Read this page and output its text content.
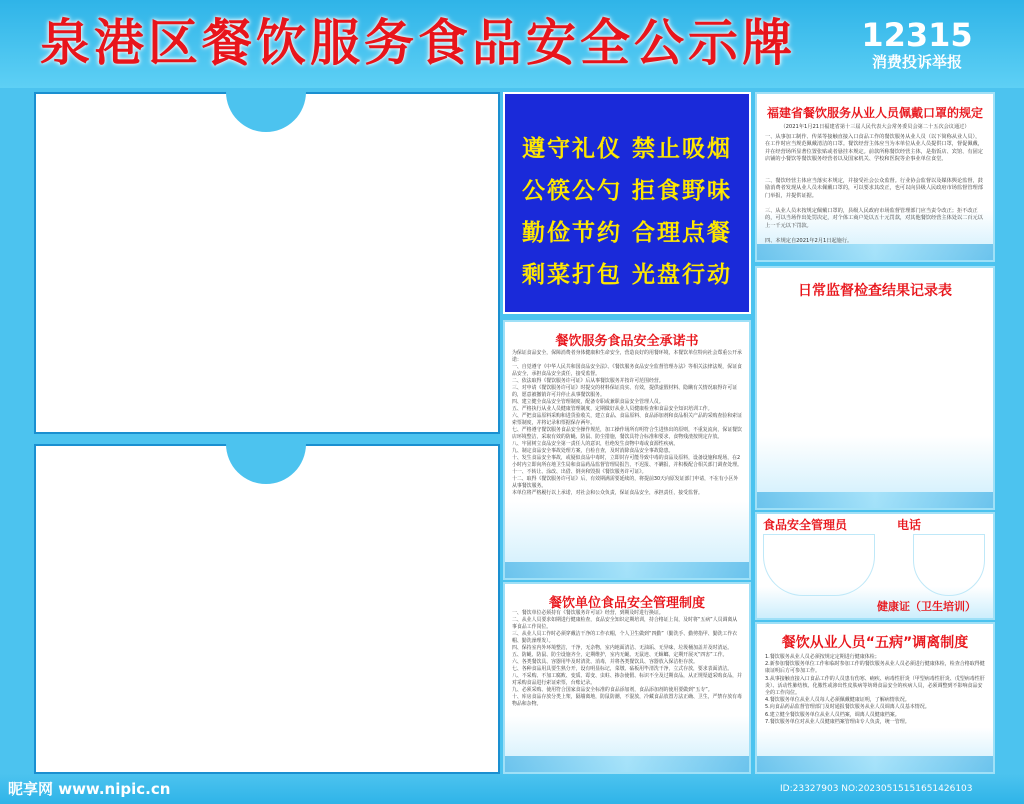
泉港区餐饮服务食品安全公示牌	12315
消费投诉举报
遵守礼仪 禁止吸烟
公筷公勺 拒食野味
勤俭节约 合理点餐
剩菜打包 光盘行动
福建省餐饮服务从业人员佩戴口罩的规定
（2021年1月21日福建省第十三届人民代表大会常务委员会第二十五次会议通过）
一、从事加工制作、传菜等接触直接入口食品工作的餐饮服务从业人员（以下简称从业人员），在工作时应当规范佩戴清洁的口罩。餐饮经营主体应当为本单位从业人员提供口罩，督促佩戴，并在经营场所显著位置张贴或者悬挂本规定。前款所称餐饮经营主体，是指饭店、宾馆、有固定店铺的小餐饮等餐饮服务经营者以及国家机关、学校和医院等企事业单位食堂。
二、餐饮经营主体应当落实本规定，并接受社会公众监督。行业协会监督以及媒体舆论监督，鼓励消费者发现从业人员未佩戴口罩的，可以要求其改正，也可以向县级人民政府市场监督管理部门举报，并提供证据。
三、从业人员未按规定佩戴口罩的，县级人民政府市场监督管理部门应当责令改正；拒不改正的，可以当场作出处罚决定，对个体工商户处以五十元罚款，对其他餐饮经营主体处以二百元以上一千元以下罚款。
四、本规定自2021年2月1日起施行。
日常监督检查结果记录表
餐饮服务食品安全承诺书
为保证食品安全，保障消费者身体健康和生命安全，营造良好的用餐环境，本餐饮单位特向社会郑重公开承诺：
一、自觉遵守《中华人民共和国食品安全法》、《餐饮服务食品安全监督管理办法》等相关法律法规，保证食品安全，承担食品安全责任，接受监督。
二、依法取得《餐饮服务许可证》后从事餐饮服务并按许可范围经营。
三、对申请《餐饮服务许可证》时提交的材料保证真实、有效，提供虚假材料、隐瞒有关情况取得许可证的，愿意被撤销许可并停止从事餐饮服务。
四、建立健全食品安全管理制度，配备专职或兼职食品安全管理人员。
五、严格执行从业人员健康管理制度，定期做好从业人员健康检查和食品安全知识培训工作。
六、严把食品原料采购和进货验收关，建立食品、食品原料、食品添加剂和食品相关产品的采购查验和索证索票制度，并将记录和票据保存两年。
七、严格遵守餐饮服务食品安全操作规范，加工操作场所有明符合生进热出的原则，不重复流向，保证餐饮店环境整洁，采取有效的防蝇、防鼠、防尘措施，餐饮具符合标准和要求，食物残渣按规定存放。
八、牢固树立食品安全第一责任人的意识，杜绝发生食物中毒或食源性疾病。
九、制定食品安全事故处理方案，自检自查，及时消除食品安全事故隐患。
十、发生食品安全事故，或疑似食品中毒时，立即封存可能导致中毒的食品及原料，设备设施和现场，在2小时内立即向所在地卫生局和食品药品监督管理局报告，不迟报、不瞒报，并积极配合相关部门调查处理。
十一、不转让、涂改、出借、倒卖和毁损《餐饮服务许可证》。
十二、取得《餐饮服务许可证》后，有效期满需要延续的，将提前30天向原发证部门申请，不在有小区外从事餐饮服务。
本单位将严格履行以上承诺，对社会和公众负责，保证食品安全，承担责任，接受监督。
餐饮单位食品安全管理制度
一、餐饮单位必须持有《餐饮服务许可证》经营，到期及时进行换证。
二、从业人员要求如期进行健康检查，食品安全知识定期培训，持合格证上岗，及时将“五病”人员调离从事食品工作岗位。
三、从业人员工作时必须穿戴洁干净的工作衣帽，个人卫生做到“四勤”（勤洗手、勤剪指甲、勤洗工作衣帽、勤洗澡理发）。
四、保持室内外环境整洁，干净，无杂物，室内地面清洁、无油垢、无异味，垃圾桶加盖并及时清运。
五、防蝇、防鼠、防尘设施齐全，定期维护，室内无蝇、无鼠迹、无蟑螂，定期开展灭“四害”工作。
六、各类餐饮具、容器用毕及时清洗、消毒，并将各类餐饮具、容器放入保洁柜存放。
七、各种食品用具要生熟分开，设有明显标记，菜墩、砧板用毕清洗干净，立式存放，要求表面清洁。
八、不采购、不加工腐败、变质、霉变、虫蛀、掺杂使假、标识不全及过期食品，从正规渠道采购食品，并对采购食品进行索证索票，台账记录。
九、必须采购、使用符合国家食品安全标准的食品添加剂，食品添加剂的使用要做到“五专”。
十、库房食品存放分类上架，隔墙离地，防鼠防潮，不混放，冷藏食品放置方法正确、卫生，严禁存放有毒物品和杂物。
食品安全管理员	电话
健康证（卫生培训）
餐饮从业人员“五病”调离制度
1.餐饮服务从业人员必须按规定定期进行健康体检；
2.新参加餐饮服务单位工作和临时参加工作的餐饮服务从业人员必须进行健康体检，检查合格取得健康证明后方可参加工作。
3.从事接触直接入口食品工作的人员患有伤寒、痢疾、病毒性肝炎（甲型病毒性肝炎、戊型病毒性肝炎）、活动性肺结核、化脓性或渗出性皮肤病等妨碍食品安全的疾病人员，必须调整到不影响食品安全的工作岗位。
4.餐饮服务单位从业人员每人必须佩戴健康证明，了解病情状况。
5.向食品药品监督管理部门及时通报餐饮服务从业人员调离人员基本情况。
6.建立健全餐饮服务单位从业人员档案，调离人员健康档案。
7.餐饮服务单位对从业人员健康档案管理由专人负责，统一管理。
昵享网 www.nipic.cn	ID:23327903 NO:20230515151651426103
